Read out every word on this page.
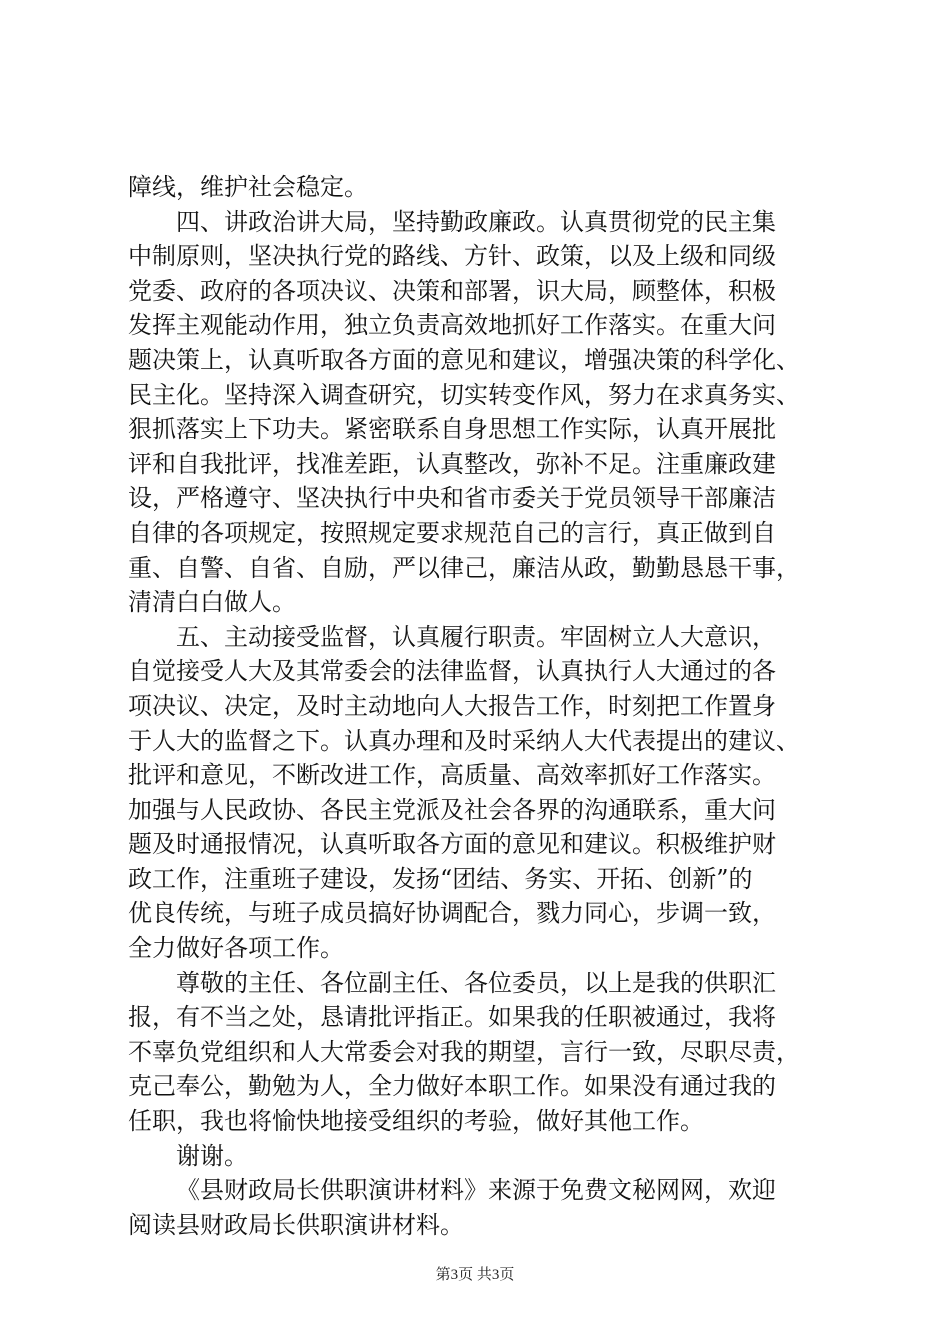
障线，维护社会稳定。
四、讲政治讲大局，坚持勤政廉政。认真贯彻党的民主集
中制原则，坚决执行党的路线、方针、政策，以及上级和同级
党委、政府的各项决议、决策和部署，识大局，顾整体，积极
发挥主观能动作用，独立负责高效地抓好工作落实。在重大问
题决策上，认真听取各方面的意见和建议，增强决策的科学化、
民主化。坚持深入调查研究，切实转变作风，努力在求真务实、
狠抓落实上下功夫。紧密联系自身思想工作实际，认真开展批
评和自我批评，找准差距，认真整改，弥补不足。注重廉政建
设，严格遵守、坚决执行中央和省市委关于党员领导干部廉洁
自律的各项规定，按照规定要求规范自己的言行，真正做到自
重、自警、自省、自励，严以律己，廉洁从政，勤勤恳恳干事，
清清白白做人。
五、主动接受监督，认真履行职责。牢固树立人大意识，
自觉接受人大及其常委会的法律监督，认真执行人大通过的各
项决议、决定，及时主动地向人大报告工作，时刻把工作置身
于人大的监督之下。认真办理和及时采纳人大代表提出的建议、
批评和意见，不断改进工作，高质量、高效率抓好工作落实。
加强与人民政协、各民主党派及社会各界的沟通联系，重大问
题及时通报情况，认真听取各方面的意见和建议。积极维护财
政工作，注重班子建设，发扬“团结、务实、开拓、创新”的
优良传统，与班子成员搞好协调配合，戮力同心，步调一致，
全力做好各项工作。
尊敬的主任、各位副主任、各位委员，以上是我的供职汇
报，有不当之处，恳请批评指正。如果我的任职被通过，我将
不辜负党组织和人大常委会对我的期望，言行一致，尽职尽责，
克己奉公，勤勉为人，全力做好本职工作。如果没有通过我的
任职，我也将愉快地接受组织的考验，做好其他工作。
谢谢。
《县财政局长供职演讲材料》来源于免费文秘网网，欢迎
阅读县财政局长供职演讲材料。
第3页 共3页
